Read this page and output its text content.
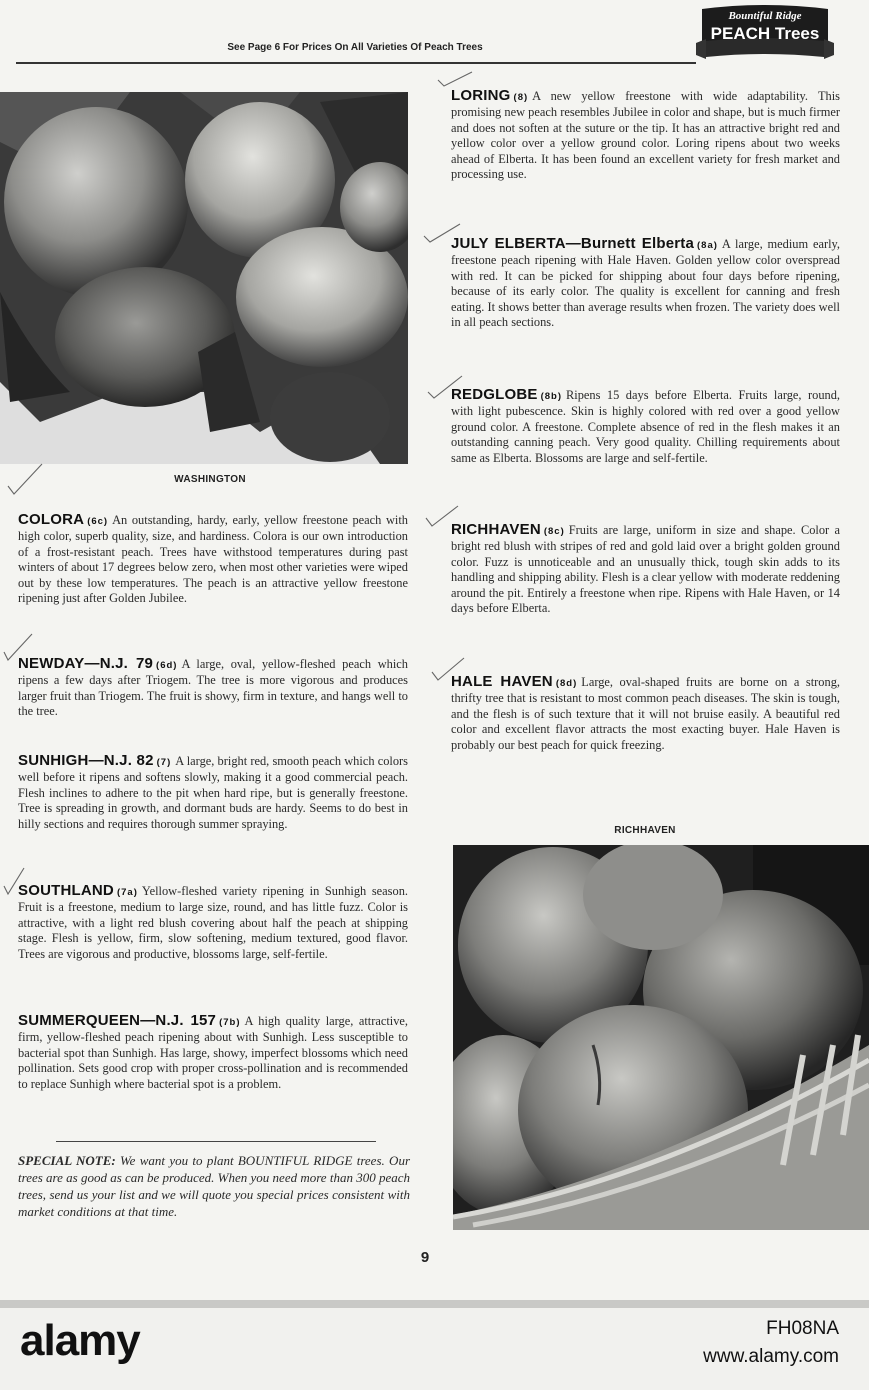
See Page 6 For Prices On All Varieties Of Peach Trees
Bountiful Ridge
PEACH Trees
WASHINGTON
COLORA (6c) An outstanding, hardy, early, yellow freestone peach with high color, superb quality, size, and hardiness. Colora is our own introduction of a frost-resistant peach. Trees have withstood temperatures during past winters of about 17 degrees below zero, when most other varieties were wiped out by these low temperatures. The peach is an attractive yellow freestone ripening just after Golden Jubilee.
NEWDAY—N.J. 79 (6d) A large, oval, yellow-fleshed peach which ripens a few days after Triogem. The tree is more vigorous and produces larger fruit than Triogem. The fruit is showy, firm in texture, and hangs well to the tree.
SUNHIGH—N.J. 82 (7) A large, bright red, smooth peach which colors well before it ripens and softens slowly, making it a good commercial peach. Flesh inclines to adhere to the pit when hard ripe, but is generally freestone. Tree is spreading in growth, and dormant buds are hardy. Seems to do best in hilly sections and requires thorough summer spraying.
SOUTHLAND (7a) Yellow-fleshed variety ripening in Sunhigh season. Fruit is a freestone, medium to large size, round, and has little fuzz. Color is attractive, with a light red blush covering about half the peach at shipping stage. Flesh is yellow, firm, slow softening, medium textured, good flavor. Trees are vigorous and productive, blossoms large, self-fertile.
SUMMERQUEEN—N.J. 157 (7b) A high quality large, attractive, firm, yellow-fleshed peach ripening about with Sunhigh. Less susceptible to bacterial spot than Sunhigh. Has large, showy, imperfect blossoms which need pollination. Sets good crop with proper cross-pollination and is recommended to replace Sunhigh where bacterial spot is a problem.
SPECIAL NOTE: We want you to plant BOUNTIFUL RIDGE trees. Our trees are as good as can be produced. When you need more than 300 peach trees, send us your list and we will quote you special prices consistent with market conditions at that time.
LORING (8) A new yellow freestone with wide adaptability. This promising new peach resembles Jubilee in color and shape, but is much firmer and does not soften at the suture or the tip. It has an attractive bright red and yellow color over a yellow ground color. Loring ripens about two weeks ahead of Elberta. It has been found an excellent variety for fresh market and processing use.
JULY ELBERTA—Burnett Elberta (8a) A large, medium early, freestone peach ripening with Hale Haven. Golden yellow color overspread with red. It can be picked for shipping about four days before ripening, because of its early color. The quality is excellent for canning and fresh eating. It shows better than average results when frozen. The variety does well in all peach sections.
REDGLOBE (8b) Ripens 15 days before Elberta. Fruits large, round, with light pubescence. Skin is highly colored with red over a good yellow ground color. A freestone. Complete absence of red in the flesh makes it an outstanding canning peach. Very good quality. Chilling requirements about same as Elberta. Blossoms are large and self-fertile.
RICHHAVEN (8c) Fruits are large, uniform in size and shape. Color a bright red blush with stripes of red and gold laid over a bright golden ground color. Fuzz is unnoticeable and an unusually thick, tough skin adds to its handling and shipping ability. Flesh is a clear yellow with moderate reddening around the pit. Entirely a freestone when ripe. Ripens with Hale Haven, or 14 days before Elberta.
HALE HAVEN (8d) Large, oval-shaped fruits are borne on a strong, thrifty tree that is resistant to most common peach diseases. The skin is tough, and the flesh is of such texture that it will not bruise easily. A beautiful red color and excellent flavor attracts the most exacting buyer. Hale Haven is probably our best peach for quick freezing.
RICHHAVEN
9
alamy	FH08NA
www.alamy.com
